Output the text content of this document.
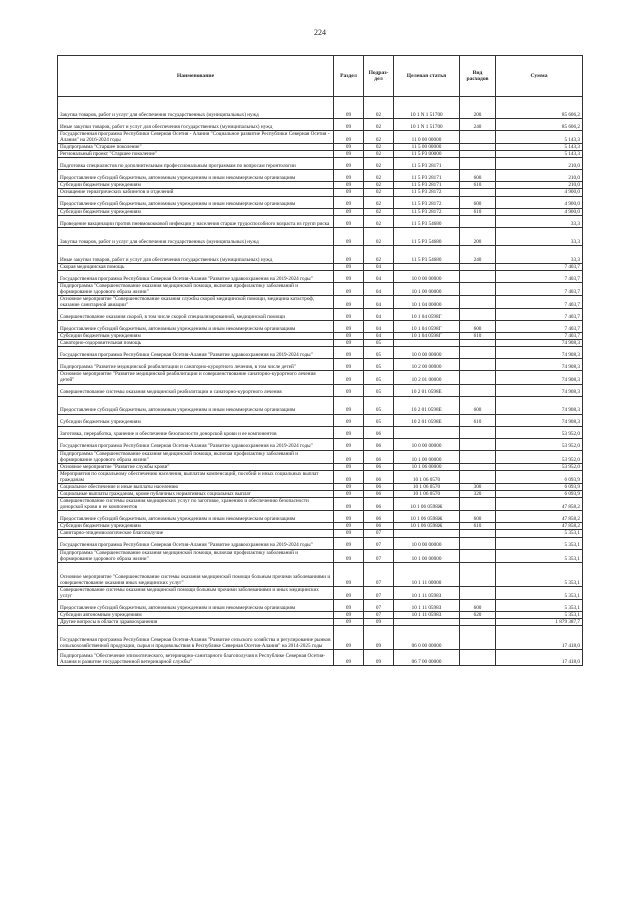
224
Наименование	Раздел	Подраз-дел	Целевая статья	Вид расходов	Сумма
Закупка товаров, работ и услуг для обеспечения государственных (муниципальных) нужд	09	02	10 1 N 1 51700	200	85 606,2
Иные закупки товаров, работ и услуг для обеспечения государственных (муниципальных) нужд	09	02	10 1 N 1 51700	240	85 606,2
Государственная программа Республики Северная Осетия - Алания "Социальное развитие Республики Северная Осетия - Алания" на 2016-2024 годы	09	02	11 0 00 00000		5 143,3
Подпрограмма "Старшее поколение"	09	02	11 5 00 00000		5 143,3
Региональный проект "Старшее поколение"	09	02	11 5 P3 00000		5 143,3
Подготовка специалистов по дополнительным профессиональным программам по вопросам геронтологии	09	02	11 5 P3 28171		210,0
Предоставление субсидий бюджетным, автономным учреждениям и иным некоммерческим организациям	09	02	11 5 P3 28171	600	210,0
Субсидии бюджетным учреждениям	09	02	11 5 P3 28171	610	210,0
Оснащение гериатрических кабинетов и отделений	09	02	11 5 P3 28172		4 900,0
Предоставление субсидий бюджетным, автономным учреждениям и иным некоммерческим организациям	09	02	11 5 P3 28172	600	4 900,0
Субсидии бюджетным учреждениям	09	02	11 5 P3 28172	610	4 900,0
Проведение вакцинации против пневмококковой инфекции у населения старше трудоспособного возраста из групп риска	09	02	11 5 P3 54680		33,3
Закупка товаров, работ и услуг для обеспечения государственных (муниципальных) нужд	09	02	11 5 P3 54680	200	33,3
Иные закупки товаров, работ и услуг для обеспечения государственных (муниципальных) нужд	09	02	11 5 P3 54680	240	33,3
Скорая медицинская помощь	09	04			7 403,7
Государственная программа Республики Северная Осетия-Алания "Развитие здравоохранения на 2019-2024 годы"	09	04	10 0 00 00000		7 403,7
Подпрограмма "Совершенствование оказания медицинской помощи, включая профилактику заболеваний и формирование здорового образа жизни"	09	04	10 1 00 00000		7 403,7
Основное мероприятие "Совершенствование оказания службы скорой медицинской помощи, медицина катастроф, оказание санитарной авиации"	09	04	10 1 04 00000		7 403,7
Совершенствование оказания скорой, в том числе скорой специализированной, медицинской помощи	09	04	10 1 04 0598Г		7 403,7
Предоставление субсидий бюджетным, автономным учреждениям и иным некоммерческим организациям	09	04	10 1 04 0598Г	600	7 403,7
Субсидии бюджетным учреждениям	09	04	10 1 04 0598Г	610	7 403,7
Санаторно-оздоровительная помощь	09	05			74 908,3
Государственная программа Республики Северная Осетия-Алания "Развитие здравоохранения на 2019-2024 годы"	09	05	10 0 00 00000		74 908,3
Подпрограмма "Развитие медицинской реабилитации и санаторно-курортного лечения, в том числе детей"	09	05	10 2 00 00000		74 908,3
Основное мероприятие "Развитие медицинской реабилитации и совершенствование санаторно-курортного лечения детей"	09	05	10 2 01 00000		74 908,3
Совершенствование системы оказания медицинской реабилитации и санаторно-курортного лечения	09	05	10 2 01 0598Е		74 908,3
Предоставление субсидий бюджетным, автономным учреждениям и иным некоммерческим организациям	09	05	10 2 01 0598Е	600	74 908,3
Субсидии бюджетным учреждениям	09	05	10 2 01 0598Е	610	74 908,3
Заготовка, переработка, хранение и обеспечение безопасности донорской крови и ее компонентов	09	06			53 952,0
Государственная программа Республики Северная Осетия-Алания "Развитие здравоохранения на 2019-2024 годы"	09	06	10 0 00 00000		53 952,0
Подпрограмма "Совершенствование оказания медицинской помощи, включая профилактику заболеваний и формирование здорового образа жизни"	09	06	10 1 00 00000		53 952,0
Основное мероприятие "Развитие службы крови"	09	06	10 1 06 00000		53 952,0
Мероприятия по социальному обеспечению населения, выплатам компенсаций, пособий и иных социальных выплат гражданам	09	06	10 1 06 0570		6 093,9
Социальное обеспечение и иные выплаты населению	09	06	10 1 06 0570	300	6 093,9
Социальные выплаты гражданам, кроме публичных нормативных социальных выплат	09	06	10 1 06 0570	320	6 093,9
Совершенствование системы оказания медицинских услуг по заготовке, хранению и обеспечению безопасности донорской крови и ее компонентов	09	06	10 1 06 0598Ж		47 858,2
Предоставление субсидий бюджетным, автономным учреждениям и иным некоммерческим организациям	09	06	10 1 06 0598Ж	600	47 858,2
Субсидии бюджетным учреждениям	09	06	10 1 06 0598Ж	610	47 858,2
Санитарно-эпидемиологическое благополучие	09	07			5 353,1
Государственная программа Республики Северная Осетия-Алания "Развитие здравоохранения на 2019-2024 годы"	09	07	10 0 00 00000		5 353,1
Подпрограмма "Совершенствование оказания медицинской помощи, включая профилактику заболеваний и формирование здорового образа жизни"	09	07	10 1 00 00000		5 353,1
Основное мероприятие "Совершенствование системы оказания медицинской помощи больным прочими заболеваниями и совершенствование оказания иных медицинских услуг"	09	07	10 1 11 00000		5 353,1
Совершенствование системы оказания медицинской помощи больным прочими заболеваниями и иных медицинских услуг	09	07	10 1 11 0598З		5 353,1
Предоставление субсидий бюджетным, автономным учреждениям и иным некоммерческим организациям	09	07	10 1 11 0598З	600	5 353,1
Субсидии автономным учреждениям	09	07	10 1 11 0598З	620	5 353,1
Другие вопросы в области здравоохранения	09	09			1 879 387,7
Государственная программа Республики Северная Осетия-Алания "Развитие сельского хозяйства и регулирование рынков сельскохозяйственной продукции, сырья и продовольствия в Республике Северная Осетия-Алания" на 2014-2025 годы	09	09	06 0 00 00000		17 418,0
Подпрограмма "Обеспечение эпизоотического, ветеринарно-санитарного благополучия в Республике Северная Осетия-Алания и развитие государственной ветеринарной службы"	09	09	06 7 00 00000		17 418,0
